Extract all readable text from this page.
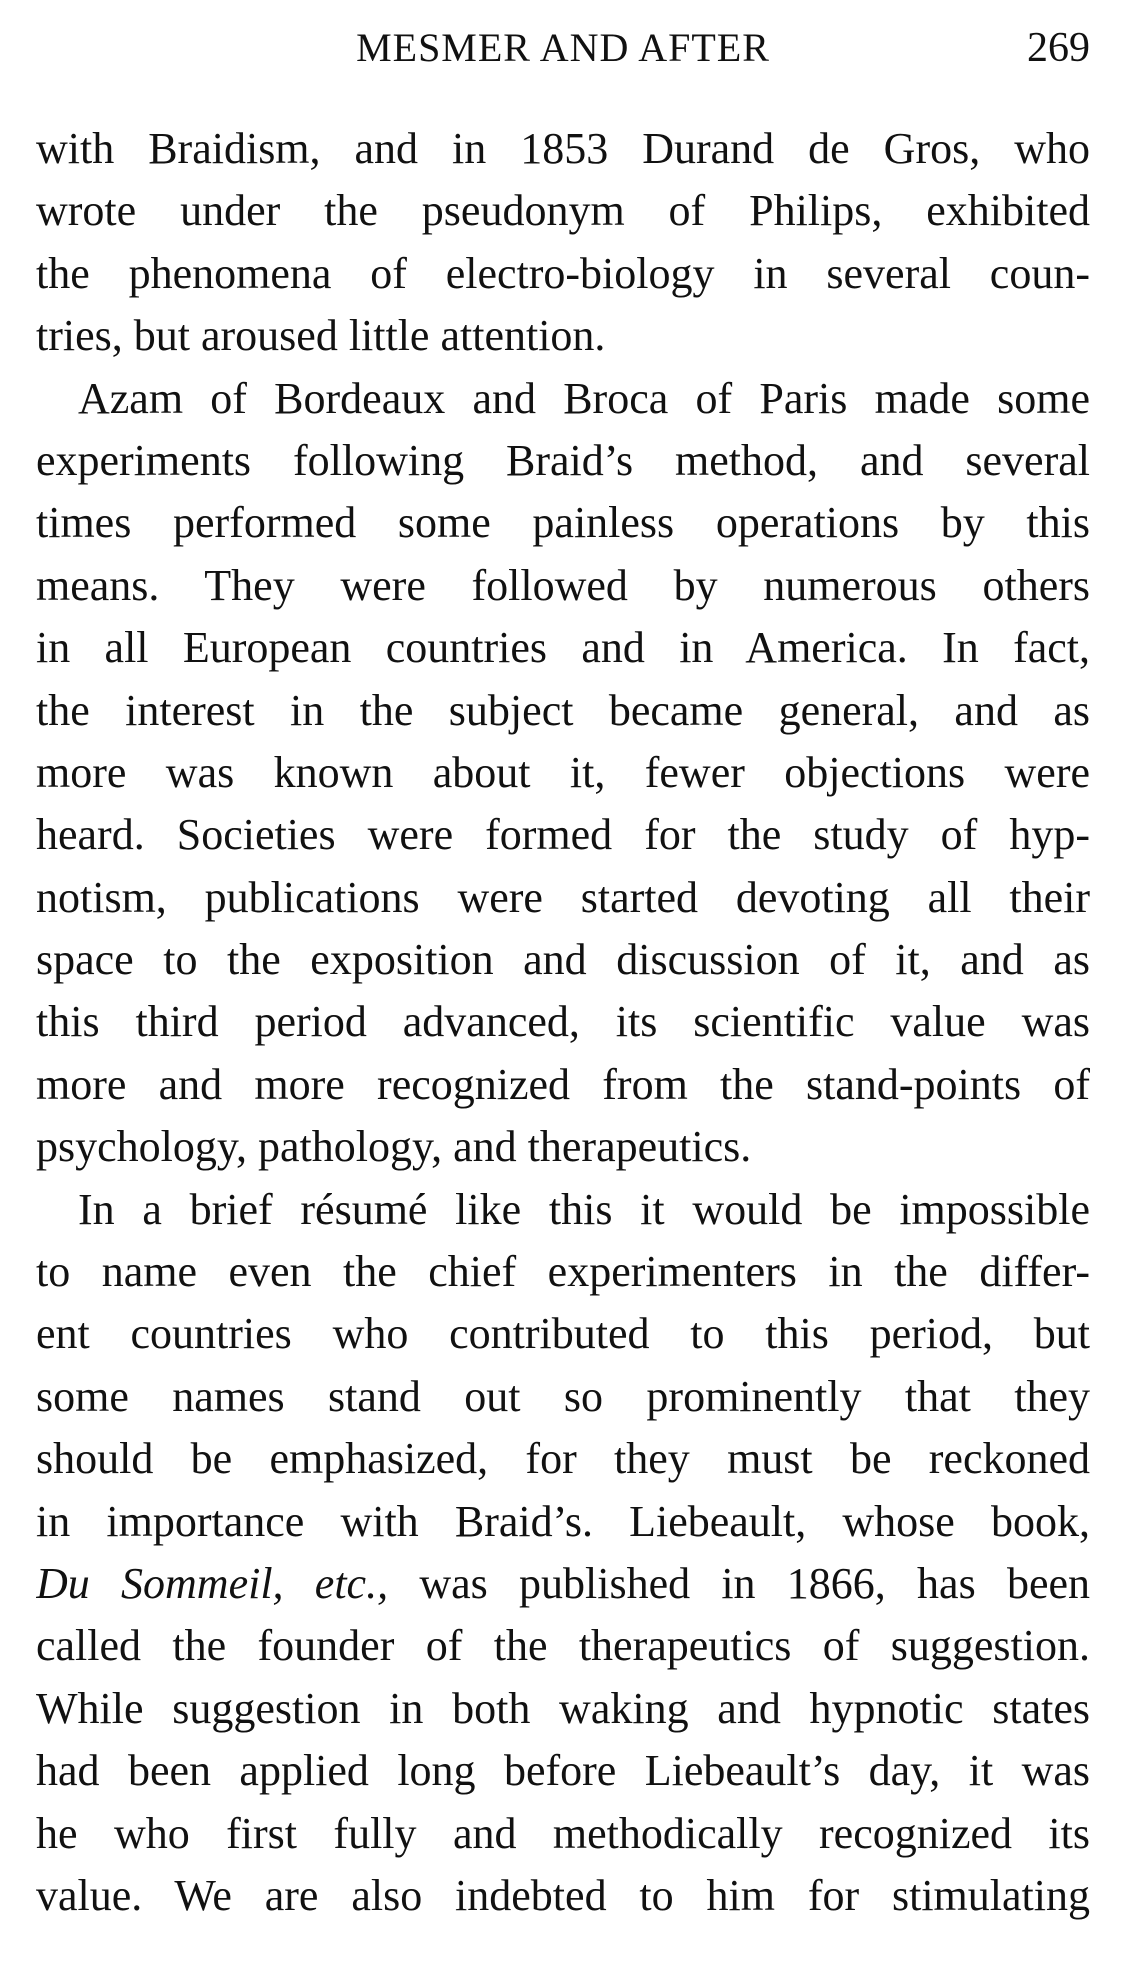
MESMER AND AFTER	269
with Braidism, and in 1853 Durand de Gros, who
wrote under the pseudonym of Philips, exhibited
the phenomena of electro-biology in several coun-
tries, but aroused little attention.
Azam of Bordeaux and Broca of Paris made some
experiments following Braid’s method, and several
times performed some painless operations by this
means. They were followed by numerous others
in all European countries and in America. In fact,
the interest in the subject became general, and as
more was known about it, fewer objections were
heard. Societies were formed for the study of hyp-
notism, publications were started devoting all their
space to the exposition and discussion of it, and as
this third period advanced, its scientific value was
more and more recognized from the stand-points of
psychology, pathology, and therapeutics.
In a brief résumé like this it would be impossible
to name even the chief experimenters in the differ-
ent countries who contributed to this period, but
some names stand out so prominently that they
should be emphasized, for they must be reckoned
in importance with Braid’s. Liebeault, whose book,
Du Sommeil, etc., was published in 1866, has been
called the founder of the therapeutics of suggestion.
While suggestion in both waking and hypnotic states
had been applied long before Liebeault’s day, it was
he who first fully and methodically recognized its
value. We are also indebted to him for stimulating
